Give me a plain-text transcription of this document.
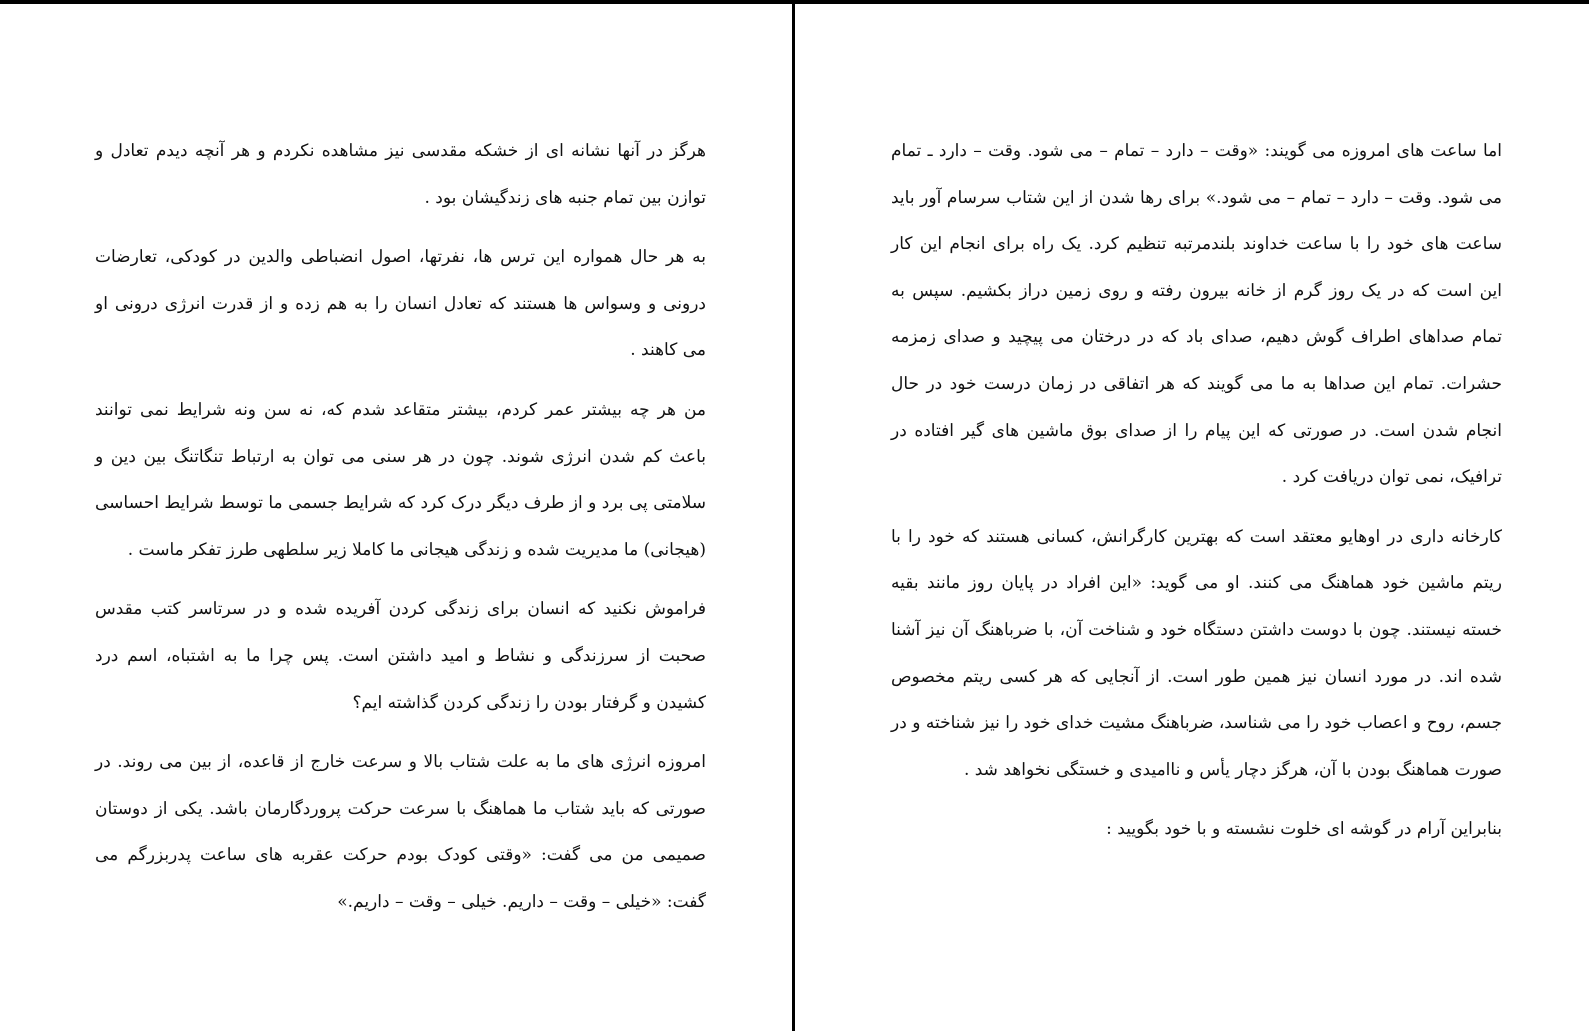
هرگز در آنها نشانه ای از خشکه مقدسی نیز مشاهده نکردم و هر آنچه دیدم تعادل و توازن بین تمام جنبه های زندگیشان بود .

به هر حال همواره این ترس ها، نفرتها، اصول انضباطی والدین در کودکی، تعارضات درونی و وسواس ها هستند که تعادل انسان را به هم زده و از قدرت انرژی درونی او می کاهند .

من هر چه بیشتر عمر کردم، بیشتر متقاعد شدم که، نه سن ونه شرایط نمی توانند باعث کم شدن انرژی شوند. چون در هر سنی می توان به ارتباط تنگاتنگ بین دین و سلامتی پی برد و از طرف دیگر درک کرد که شرایط جسمی ما توسط شرایط احساسی (هیجانی) ما مدیریت شده و زندگی هیجانی ما کاملا زیر سلطهی طرز تفکر ماست .

فراموش نکنید که انسان برای زندگی کردن آفریده شده و در سرتاسر کتب مقدس صحبت از سرزندگی و نشاط و امید داشتن است. پس چرا ما به اشتباه، اسم درد کشیدن و گرفتار بودن را زندگی کردن گذاشته ایم؟

امروزه انرژی های ما به علت شتاب بالا و سرعت خارج از قاعده، از بین می روند. در صورتی که باید شتاب ما هماهنگ با سرعت حرکت پروردگارمان باشد. یکی از دوستان صمیمی من می گفت: «وقتی کودک بودم حرکت عقربه های ساعت پدربزرگم می گفت: «خیلی – وقت – داریم. خیلی – وقت – داریم.»

اما ساعت های امروزه می گویند: «وقت – دارد – تمام – می شود. وقت – دارد ـ تمام می شود. وقت – دارد – تمام – می شود.» برای رها شدن از این شتاب سرسام آور باید ساعت های خود را با ساعت خداوند بلندمرتبه تنظیم کرد. یک راه برای انجام این کار این است که در یک روز گرم از خانه بیرون رفته و روی زمین دراز بکشیم. سپس به تمام صداهای اطراف گوش دهیم، صدای باد که در درختان می پیچید و صدای زمزمه حشرات. تمام این صداها به ما می گویند که هر اتفاقی در زمان درست خود در حال انجام شدن است. در صورتی که این پیام را از صدای بوق ماشین های گیر افتاده در ترافیک، نمی توان دریافت کرد .

کارخانه داری در اوهایو معتقد است که بهترین کارگرانش، کسانی هستند که خود را با ریتم ماشین خود هماهنگ می کنند. او می گوید: «این افراد در پایان روز مانند بقیه خسته نیستند. چون با دوست داشتن دستگاه خود و شناخت آن، با ضرباهنگ آن نیز آشنا شده اند. در مورد انسان نیز همین طور است. از آنجایی که هر کسی ریتم مخصوص جسم، روح و اعصاب خود را می شناسد، ضرباهنگ مشیت خدای خود را نیز شناخته و در صورت هماهنگ بودن با آن، هرگز دچار یأس و ناامیدی و خستگی نخواهد شد .

بنابراین آرام در گوشه ای خلوت نشسته و با خود بگویید :
